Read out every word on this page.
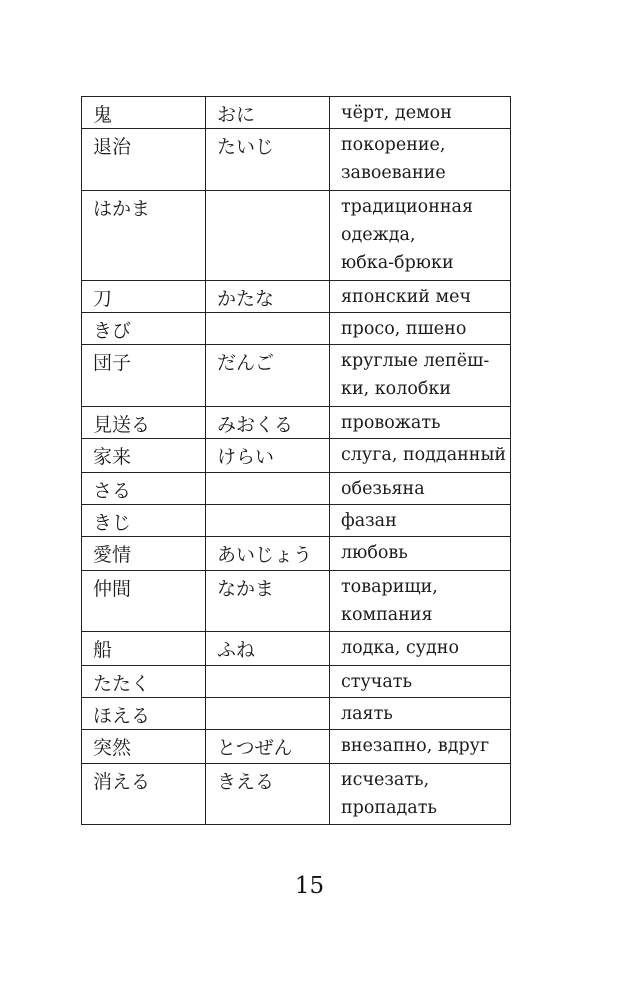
鬼	おに	чёрт, демон
退治	たいじ	покорение,
завоевание
はかま		традиционная
одежда,
юбка-брюки
刀	かたな	японский меч
きび		просо, пшено
団子	だんご	круглые лепёш-
ки, колобки
見送る	みおくる	провожать
家来	けらい	слуга, подданный
さる		обезьяна
きじ		фазан
愛情	あいじょう	любовь
仲間	なかま	товарищи,
компания
船	ふね	лодка, судно
たたく		стучать
ほえる		лаять
突然	とつぜん	внезапно, вдруг
消える	きえる	исчезать,
пропадать
15
